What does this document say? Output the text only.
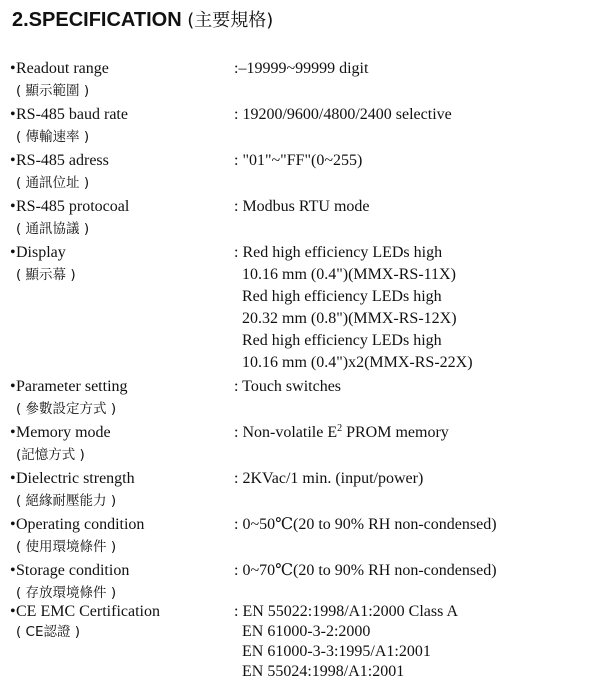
2.SPECIFICATION (主要規格)
•Readout range
( 顯示範圍 )
:–19999~99999 digit
•RS-485 baud rate
( 傳輸速率 )
: 19200/9600/4800/2400 selective
•RS-485 adress
( 通訊位址 )
: "01"~"FF"(0~255)
•RS-485 protocoal
( 通訊協議 )
: Modbus RTU mode
•Display
( 顯示幕 )
: Red high efficiency LEDs high
10.16 mm (0.4")(MMX-RS-11X)
Red high efficiency LEDs high
20.32 mm (0.8")(MMX-RS-12X)
Red high efficiency LEDs high
10.16 mm (0.4")x2(MMX-RS-22X)
•Parameter setting
( 參數設定方式 )
: Touch switches
•Memory mode
(記憶方式 )
: Non-volatile $E^2$ PROM memory
•Dielectric strength
( 絕緣耐壓能力 )
: 2KVac/1 min. (input/power)
•Operating condition
( 使用環境條件 )
: 0~50℃(20 to 90% RH non-condensed)
•Storage condition
( 存放環境條件 )
: 0~70℃(20 to 90% RH non-condensed)
•CE EMC Certification
( CE認證 )
: EN 55022:1998/A1:2000 Class A
EN 61000-3-2:2000
EN 61000-3-3:1995/A1:2001
EN 55024:1998/A1:2001
